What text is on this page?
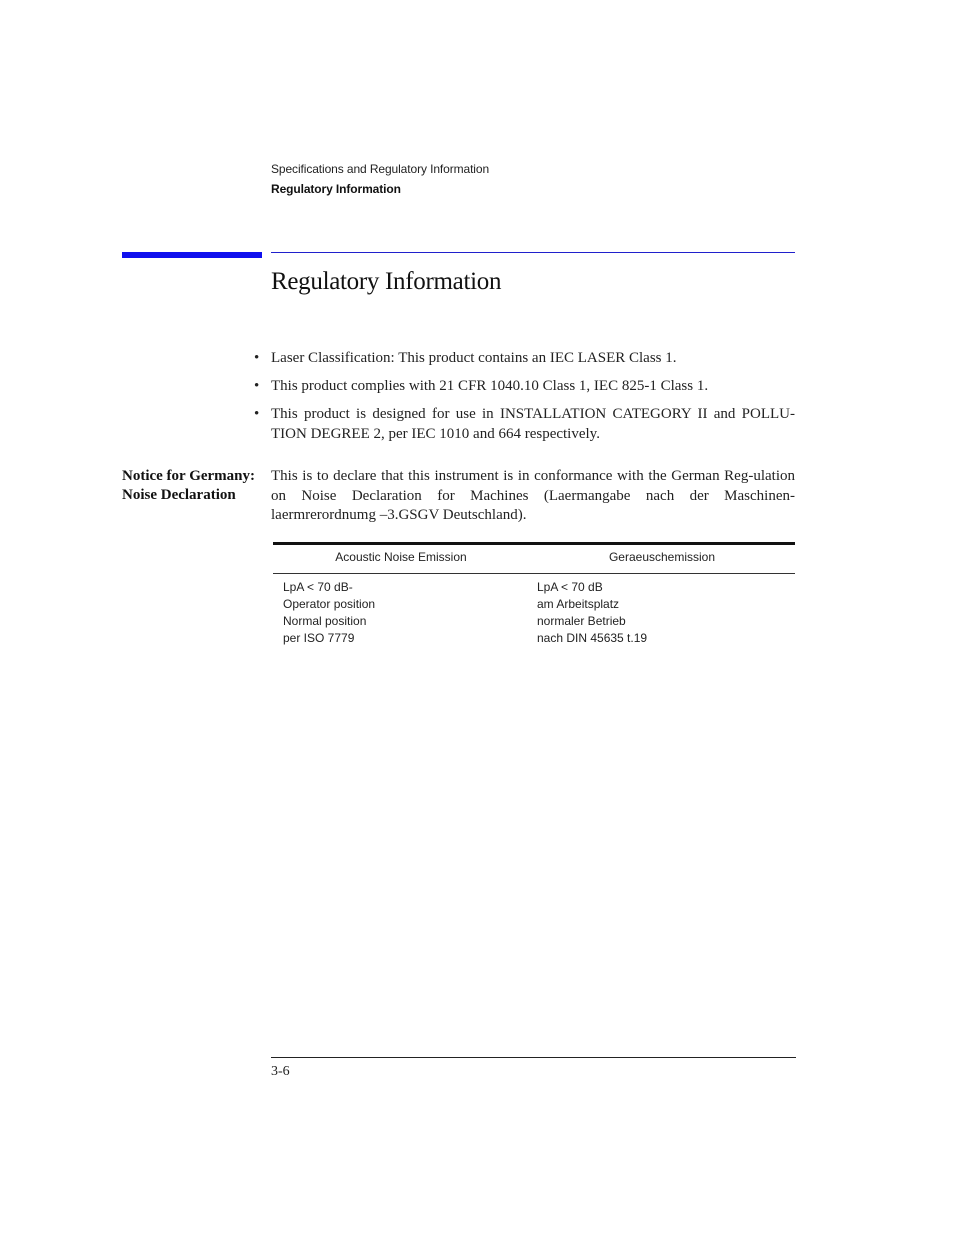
Specifications and Regulatory Information
Regulatory Information
Regulatory Information
• Laser Classification: This product contains an IEC LASER Class 1.
• This product complies with 21 CFR 1040.10 Class 1, IEC 825-1 Class 1.
• This product is designed for use in INSTALLATION CATEGORY II and POLLU-TION DEGREE 2, per IEC 1010 and 664 respectively.
Notice for Germany: Noise Declaration

This is to declare that this instrument is in conformance with the German Reg-ulation on Noise Declaration for Machines (Laermangabe nach der Maschinen-laermrerordnumg –3.GSGV Deutschland).

Acoustic Noise Emission	Geraeuschemission
LpA < 70 dB-
Operator position
Normal position
per ISO 7779
LpA < 70 dB
am Arbeitsplatz
normaler Betrieb
nach DIN 45635 t.19
3-6
